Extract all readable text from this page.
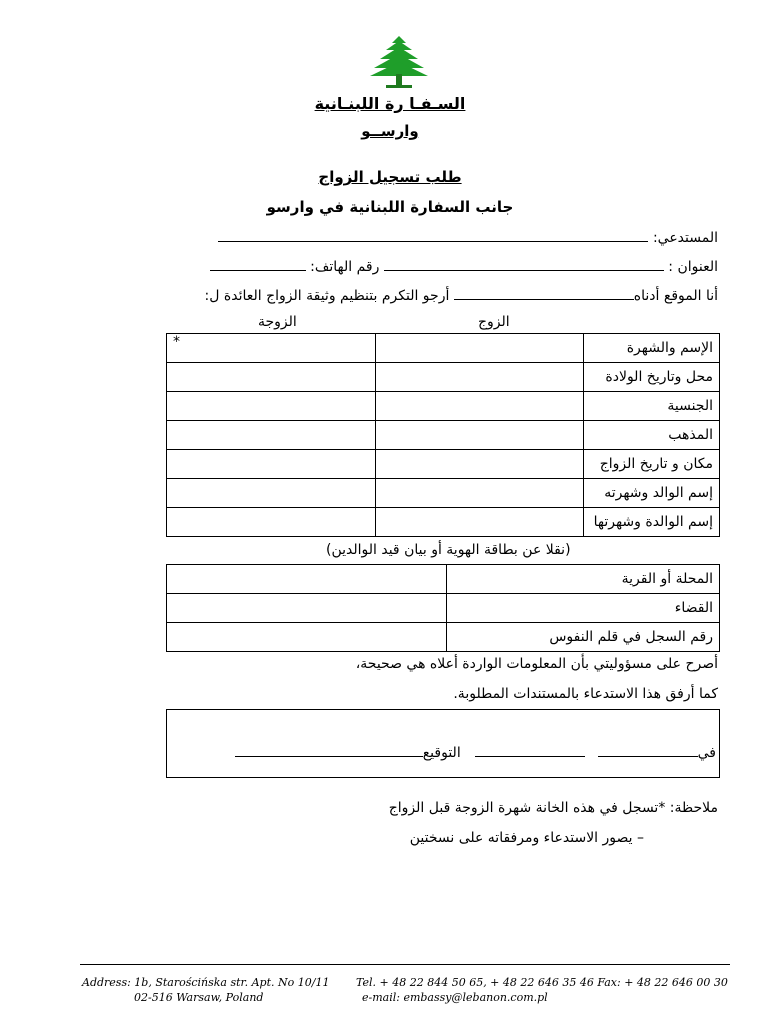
السـفـا رة اللبنـانية
وارســو
طلب تسجيل الزواج
جانب السفارة اللبنانية في وارسو
المستدعي:
العنوان :  رقم الهاتف:
أنا الموقع أدناه أرجو التكرم بتنظيم وثيقة الزواج العائدة ل:
الزوج
الزوجة
الإسم والشهرة		*
محل وتاريخ الولادة		
الجنسية		
المذهب		
مكان و تاريخ الزواج		
إسم الوالد وشهرته		
إسم الوالدة وشهرتها		
(نقلا عن بطاقة الهوية أو بيان قيد الوالدين)
المحلة أو القرية	
القضاء	
رقم السجل في قلم النفوس	
أصرح على مسؤوليتي بأن المعلومات الواردة أعلاه هي صحيحة،
كما أرفق هذا الاستدعاء بالمستندات المطلوبة.
في  التوقيع
ملاحظة: *تسجل في هذه الخانة شهرة الزوجة قبل الزواج
– يصور الاستدعاء ومرفقاته على نسختين
Address: 1b, Starościńska str. Apt. No 10/11
02-516 Warsaw, Poland
Tel. + 48 22 844 50 65, + 48 22 646 35 46 Fax: + 48 22 646 00 30
e-mail: embassy@lebanon.com.pl
